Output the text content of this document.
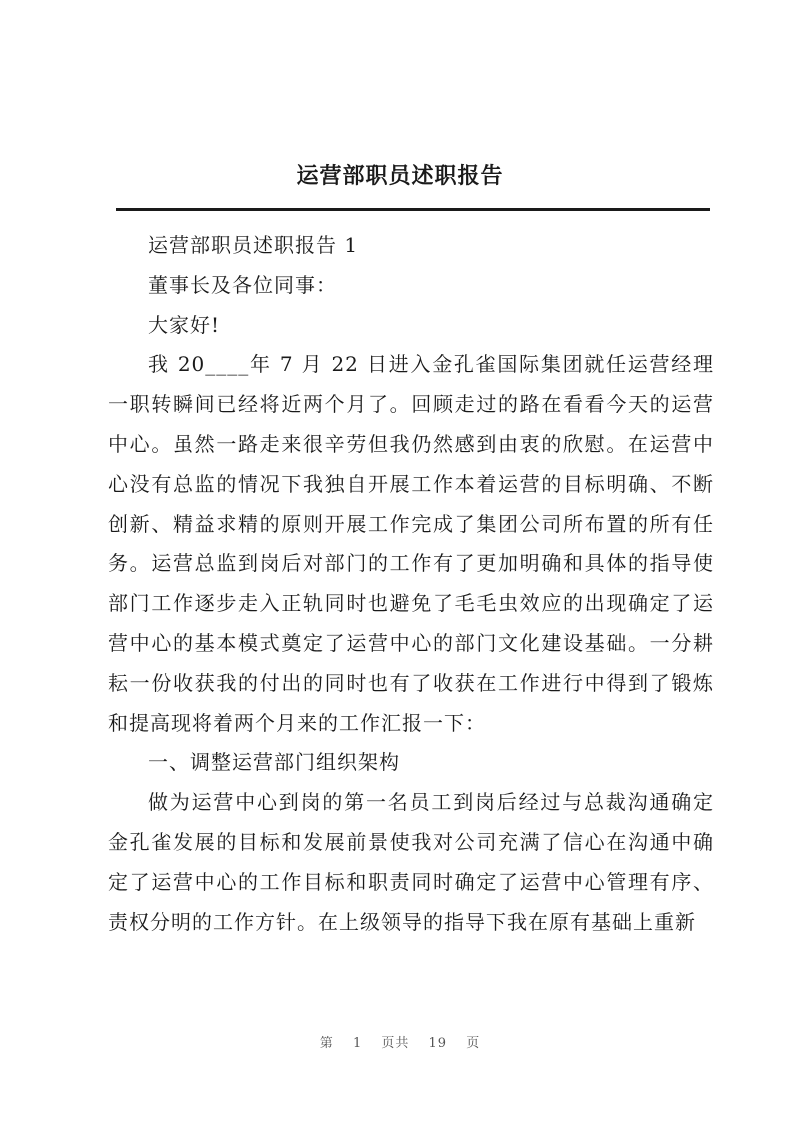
运营部职员述职报告

运营部职员述职报告 1

董事长及各位同事：

大家好!

我 20____年 7 月 22 日进入金孔雀国际集团就任运营经理一职转瞬间已经将近两个月了。回顾走过的路在看看今天的运营中心。虽然一路走来很辛劳但我仍然感到由衷的欣慰。在运营中心没有总监的情况下我独自开展工作本着运营的目标明确、不断创新、精益求精的原则开展工作完成了集团公司所布置的所有任务。运营总监到岗后对部门的工作有了更加明确和具体的指导使部门工作逐步走入正轨同时也避免了毛毛虫效应的出现确定了运营中心的基本模式奠定了运营中心的部门文化建设基础。一分耕耘一份收获我的付出的同时也有了收获在工作进行中得到了锻炼和提高现将着两个月来的工作汇报一下：

一、调整运营部门组织架构

做为运营中心到岗的第一名员工到岗后经过与总裁沟通确定金孔雀发展的目标和发展前景使我对公司充满了信心在沟通中确定了运营中心的工作目标和职责同时确定了运营中心管理有序、责权分明的工作方针。在上级领导的指导下我在原有基础上重新

第 1 页共 19 页
